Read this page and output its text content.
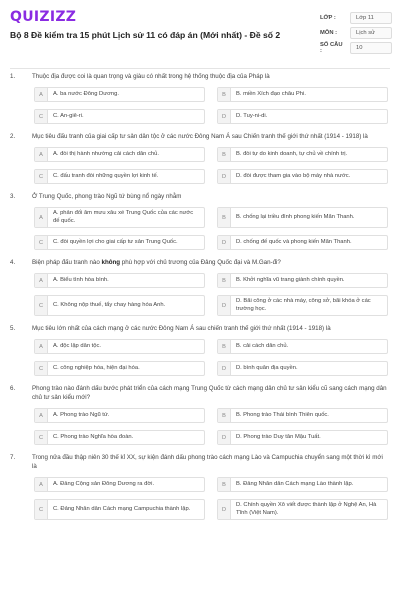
QUIZIZZ
Bộ 8 Đề kiểm tra 15 phút Lịch sử 11 có đáp án (Mới nhất) - Đề số 2
LỚP :	Lớp 11
MÔN :	Lịch sử
SỐ CÂU :	10
1.	Thuộc địa được coi là quan trọng và giàu có nhất trong hệ thống thuộc địa của Pháp là
A	A. ba nước Đông Dương.	B	B. miền Xích đạo châu Phi.
C	C. An-giê-ri.	D	D. Tuy-ni-di.
2.	Mục tiêu đấu tranh của giai cấp tư sản dân tộc ở các nước Đông Nam Á sau Chiến tranh thế giới thứ nhất (1914 - 1918) là
A	A. đòi thị hành nhường cải cách dân chủ.	B	B. đòi tự do kinh doanh, tự chủ về chính trị.
C	C. đấu tranh đòi những quyền lợi kinh tế.	D	D. đòi được tham gia vào bộ máy nhà nước.
3.	Ở Trung Quốc, phong trào Ngũ tứ bùng nổ ngày nhằm
A
A. phản đối âm mưu xâu xé Trung Quốc của các nước đế quốc.	B	B. chống lại triều đình phong kiến Mãn Thanh.
C	C. đòi quyền lợi cho giai cấp tư sản Trung Quốc.	D	D. chống đế quốc và phong kiến Mãn Thanh.
4.	Biện pháp đấu tranh nào không phù hợp với chủ trương của Đảng Quốc đại và M.Gan-đi?
A	A. Biểu tình hòa bình.	B	B. Khởi nghĩa vũ trang giành chính quyền.
C	C. Không nộp thuế, tẩy chay hàng hóa Anh.	D
D. Bãi công ở các nhà máy, công sở, bãi khóa ở các trường học.
5.	Mục tiêu lớn nhất của cách mạng ở các nước Đông Nam Á sau chiến tranh thế giới thứ nhất (1914 - 1918) là
A	A. độc lập dân tộc.	B	B. cải cách dân chủ.
C	C. công nghiệp hóa, hiện đại hóa.	D	D. bình quân địa quyền.
6.	Phong trào nào đánh dấu bước phát triển của cách mạng Trung Quốc từ cách mạng dân chủ tư sản kiểu cũ sang cách mạng dân chủ tư sản kiểu mới?
A	A. Phong trào Ngũ tứ.	B	B. Phong trào Thái bình Thiên quốc.
C	C. Phong trào Nghĩa hòa đoàn.	D	D. Phong trào Duy tân Mậu Tuất.
7.	Trong nửa đầu thập niên 30 thế kỉ XX, sự kiện đánh dấu phong trào cách mạng Lào và Campuchia chuyển sang một thời kì mới là
A	A. Đảng Cộng sản Đông Dương ra đời.	B	B. Đảng Nhân dân Cách mạng Lào thành lập.
C	C. Đảng Nhân dân Cách mạng Campuchia thành lập.	D
D. Chính quyền Xô viết được thành lập ở Nghệ An, Hà Tĩnh (Việt Nam).
